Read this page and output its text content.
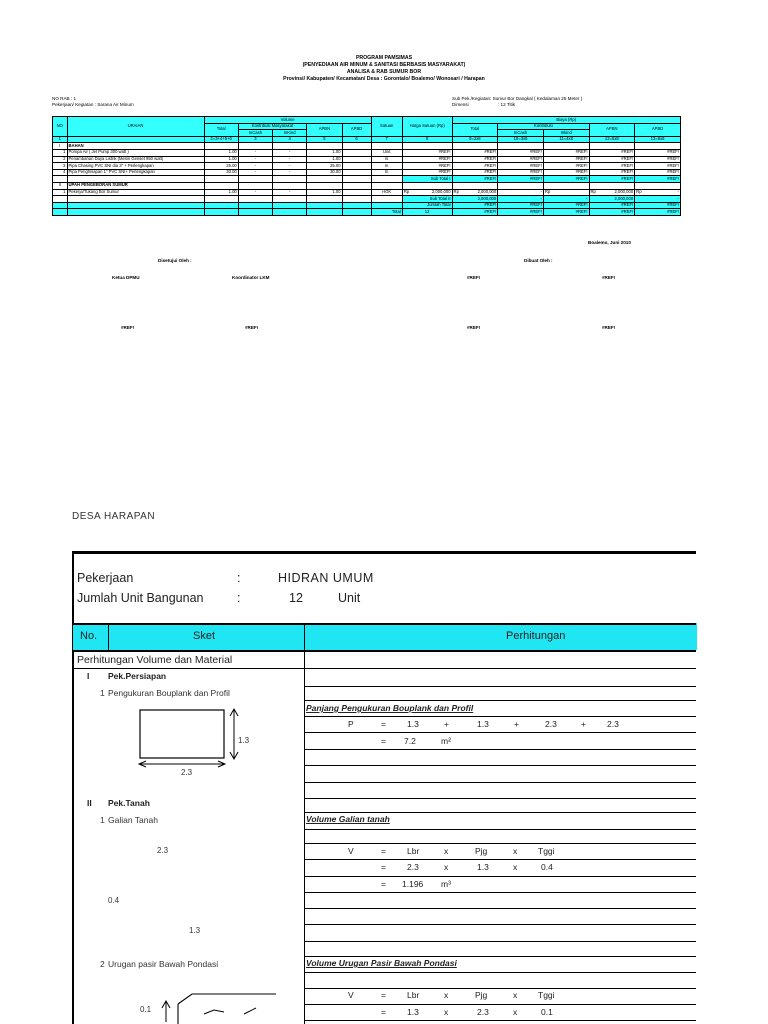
PROGRAM PAMSIMAS
(PENYEDIAAN AIR MINUM & SANITASI BERBASIS MASYARAKAT)
ANALISA & RAB SUMUR BOR
Provinsi/ Kabupaten/ Kecamatan/ Desa : Gorontalo/ Boalemo/ Wonosari / Harapan
NO RAB : 1
Pekerjaan/ Kegiatan : Sarana Air Minum
Sub Pek./Kegiatan: Sumur Bor Dangkal ( Kedalaman 25 Meter )
Dimensi	: 12 Titik
NO	URAIAN	Volume					Satuan	Harga Satuan (Rp)	Biaya (Rp)				
		Total	Kontribusi Masyarakat		APBN	APBD			Total	Kontribusi		APBN	APBD
			InCash	InKind						InCash	Inkind		
1		2=3+4+5+6	3	4	5	6	7	8	9=2x8	10=3x8	11=4x8	12=5x8	13=6x8
I	BAHAN												
1	Pompa Air ( Jet Pump 300 watt )	1.00	-	-	1.00		Unit	#REF!	#REF!	#REF!	#REF!	#REF!	#REF!
2	Penambahan Daya Listrik (Mesin Genset 950 watt)	1.00	-	-	1.00		ls	#REF!	#REF!	#REF!	#REF!	#REF!	#REF!
3	Pipa Chasing PVC SNI dia 3" + Perlengkapan	25.00	-	-	25.00		m	#REF!	#REF!	#REF!	#REF!	#REF!	#REF!
4	Pipa Penghisapan 1" PVC SNI+ Perlengkapan	30.00	-	-	30.00		m	#REF!	#REF!	#REF!	#REF!	#REF!	#REF!
								Sub Total I	#REF!	#REF!	#REF!	#REF!	#REF!
II	UPAH PENGEBORAN SUMUR												
1	Pekerja/Tukang Bor Sumur	1.00	-	-	1.00		HOK	Rp 2,000,000	Rp 2,000,000	-	Rp	Rp 2,000,000	Rp -
								Sub Total II	2,000,000	-	-	2,000,000	-
								Jumlah Total	#REF!	#REF!	#REF!	#REF!	#REF!
							Total	12	#REF!	#REF!	#REF!	#REF!	#REF!
Boalemo, Juni 2010
Disetujui Oleh :	Dibuat Oleh :
Ketua DPMU	Koordinator LKM	#REF!	#REF!
#REF!	#REF!	#REF!	#REF!
DESA HARAPAN
Pekerjaan	:	HIDRAN UMUM
Jumlah Unit Bangunan	:	12	Unit
No.	Sket	Perhitungan
Perhitungan Volume dan Material
I Pek.Persiapan
1 Pengukuran Bouplank dan Profil
1.3
2.3
Panjang Pengukuran Bouplank dan Profil
P	= 1.3	+	1.3	+	2.3	+ 2.3
= 7.2	m²
II Pek.Tanah
1 Galian Tanah
2.3
0.4
1.3
Volume Galian tanah
V	= Lbr	x	Pjg	x Tggi
= 2.3	x	1.3	x	0.4
= 1.196 m³
2 Urugan pasir Bawah Pondasi	Volume Urugan Pasir Bawah Pondasi
V	= Lbr	x	Pjg	x Tggi
= 1.3	x	2.3	x	0.1
0.1
